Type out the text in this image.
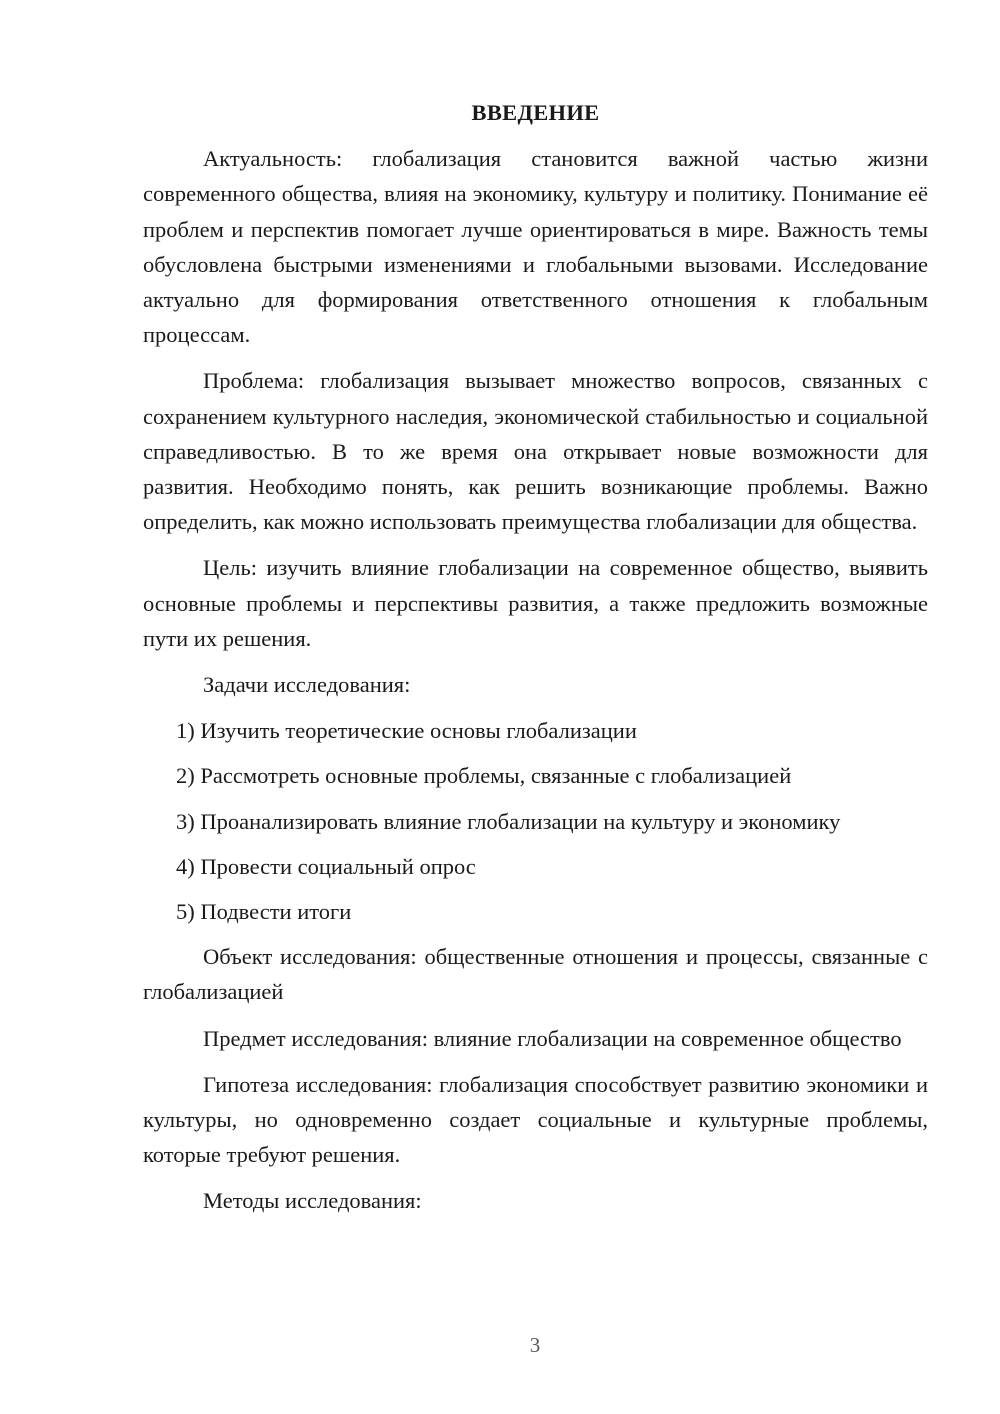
ВВЕДЕНИЕ

Актуальность: глобализация становится важной частью жизни современного общества, влияя на экономику, культуру и политику. Понимание её проблем и перспектив помогает лучше ориентироваться в мире. Важность темы обусловлена быстрыми изменениями и глобальными вызовами. Исследование актуально для формирования ответственного отношения к глобальным процессам.

Проблема: глобализация вызывает множество вопросов, связанных с сохранением культурного наследия, экономической стабильностью и социальной справедливостью. В то же время она открывает новые возможности для развития. Необходимо понять, как решить возникающие проблемы. Важно определить, как можно использовать преимущества глобализации для общества.

Цель: изучить влияние глобализации на современное общество, выявить основные проблемы и перспективы развития, а также предложить возможные пути их решения.

Задачи исследования:

1) Изучить теоретические основы глобализации

2) Рассмотреть основные проблемы, связанные с глобализацией

3) Проанализировать влияние глобализации на культуру и экономику

4) Провести социальный опрос

5) Подвести итоги

Объект исследования: общественные отношения и процессы, связанные с глобализацией

Предмет исследования: влияние глобализации на современное общество

Гипотеза исследования: глобализация способствует развитию экономики и культуры, но одновременно создает социальные и культурные проблемы, которые требуют решения.

Методы исследования:

3
